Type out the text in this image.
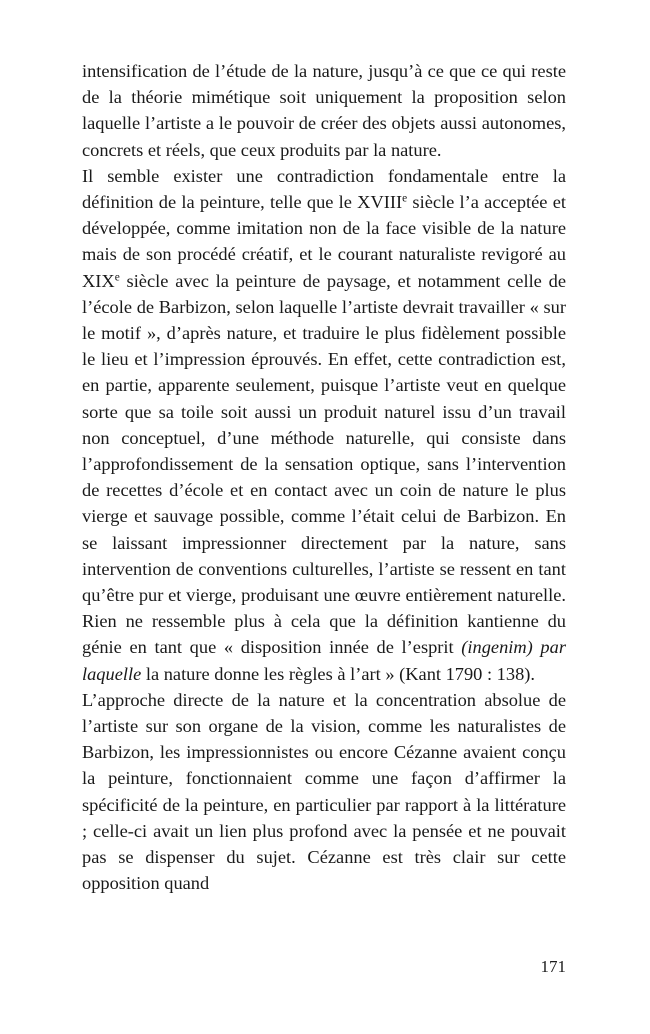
intensification de l’étude de la nature, jusqu’à ce que ce qui reste de la théorie mimétique soit uniquement la proposition selon laquelle l’artiste a le pouvoir de créer des objets aussi autonomes, concrets et réels, que ceux produits par la nature.

Il semble exister une contradiction fondamentale entre la définition de la peinture, telle que le XVIIIe siècle l’a acceptée et développée, comme imitation non de la face visible de la nature mais de son procédé créatif, et le courant naturaliste revigoré au XIXe siècle avec la peinture de paysage, et notamment celle de l’école de Barbizon, selon laquelle l’artiste devrait travailler « sur le motif », d’après nature, et traduire le plus fidèlement possible le lieu et l’impression éprouvés. En effet, cette contradiction est, en partie, apparente seulement, puisque l’artiste veut en quelque sorte que sa toile soit aussi un produit naturel issu d’un travail non conceptuel, d’une méthode naturelle, qui consiste dans l’approfondissement de la sensation optique, sans l’intervention de recettes d’école et en contact avec un coin de nature le plus vierge et sauvage possible, comme l’était celui de Barbizon. En se laissant impressionner directement par la nature, sans intervention de conventions culturelles, l’artiste se ressent en tant qu’être pur et vierge, produisant une œuvre entièrement naturelle. Rien ne ressemble plus à cela que la définition kantienne du génie en tant que « disposition innée de l’esprit (ingenim) par laquelle la nature donne les règles à l’art » (Kant 1790 : 138).

L’approche directe de la nature et la concentration absolue de l’artiste sur son organe de la vision, comme les naturalistes de Barbizon, les impressionnistes ou encore Cézanne avaient conçu la peinture, fonctionnaient comme une façon d’affirmer la spécificité de la peinture, en particulier par rapport à la littérature ; celle-ci avait un lien plus profond avec la pensée et ne pouvait pas se dispenser du sujet. Cézanne est très clair sur cette opposition quand

171
